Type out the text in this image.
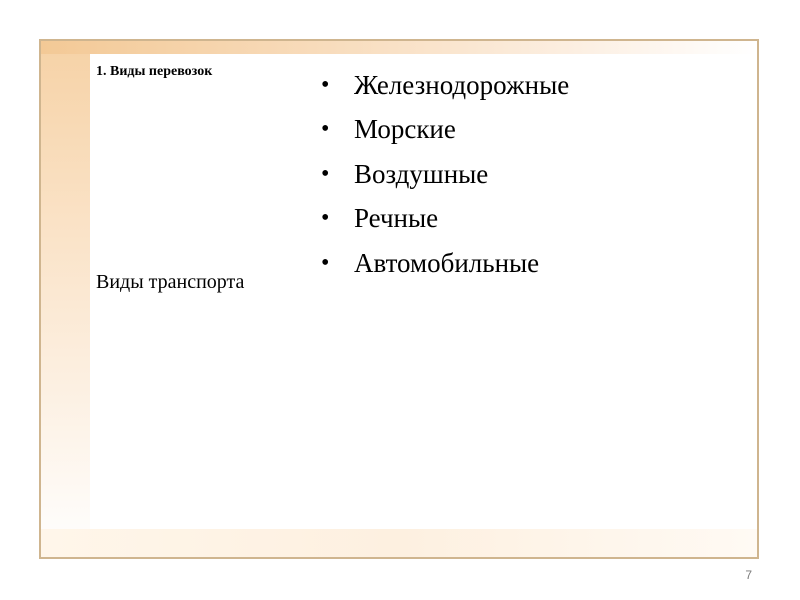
1. Виды перевозок
Виды транспорта
• Железнодорожные
• Морские
• Воздушные
• Речные
• Автомобильные
7
